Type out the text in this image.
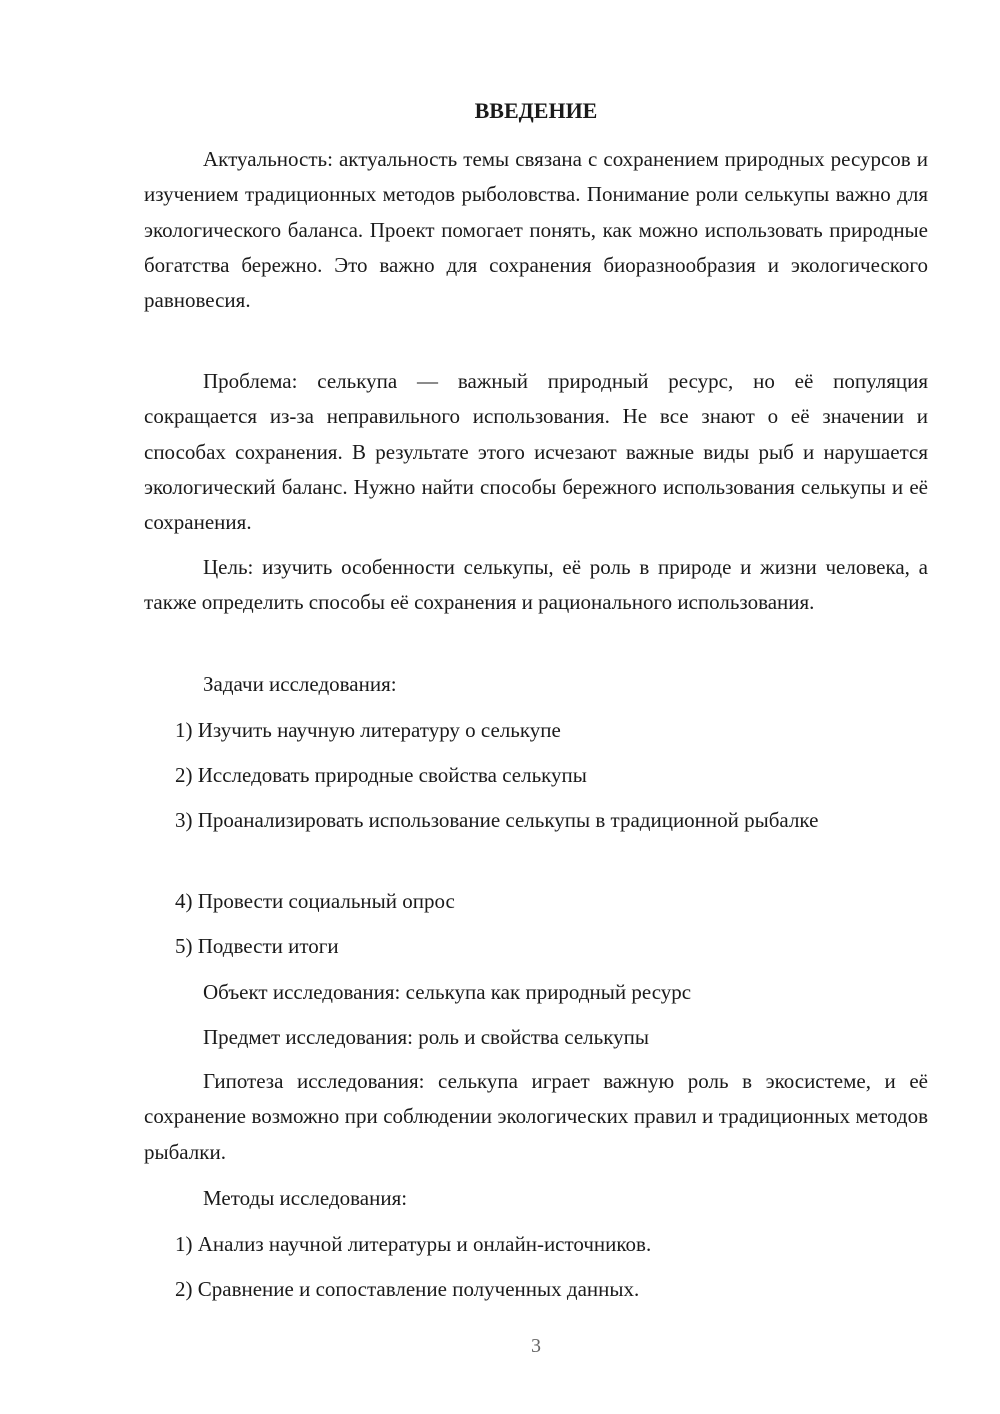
ВВЕДЕНИЕ
Актуальность: актуальность темы связана с сохранением природных ресурсов и изучением традиционных методов рыболовства. Понимание роли селькупы важно для экологического баланса. Проект помогает понять, как можно использовать природные богатства бережно. Это важно для сохранения биоразнообразия и экологического равновесия.
Проблема: селькупа — важный природный ресурс, но её популяция сокращается из-за неправильного использования. Не все знают о её значении и способах сохранения. В результате этого исчезают важные виды рыб и нарушается экологический баланс. Нужно найти способы бережного использования селькупы и её сохранения.
Цель: изучить особенности селькупы, её роль в природе и жизни человека, а также определить способы её сохранения и рационального использования.
Задачи исследования:
1) Изучить научную литературу о селькупе
2) Исследовать природные свойства селькупы
3) Проанализировать использование селькупы в традиционной рыбалке
4) Провести социальный опрос
5) Подвести итоги
Объект исследования: селькупа как природный ресурс
Предмет исследования: роль и свойства селькупы
Гипотеза исследования: селькупа играет важную роль в экосистеме, и её сохранение возможно при соблюдении экологических правил и традиционных методов рыбалки.
Методы исследования:
1) Анализ научной литературы и онлайн-источников.
2) Сравнение и сопоставление полученных данных.
3
